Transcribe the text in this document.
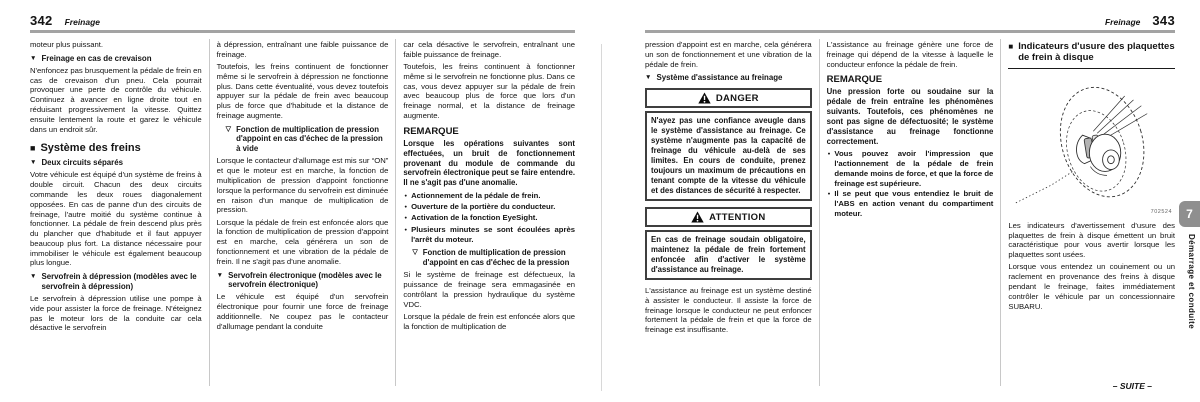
342 Freinage

moteur plus puissant.

▼ Freinage en cas de crevaison

N'enfoncez pas brusquement la pédale de frein en cas de crevaison d'un pneu. Cela pourrait provoquer une perte de contrôle du véhicule. Continuez à avancer en ligne droite tout en réduisant progressivement la vitesse. Quittez ensuite lentement la route et garez le véhicule dans un endroit sûr.

■ Système des freins
▼ Deux circuits séparés

Votre véhicule est équipé d'un système de freins à double circuit. Chacun des deux circuits commande les deux roues diagonalement opposées. En cas de panne d'un des circuits de freinage, l'autre moitié du système continue à fonctionner. La pédale de frein descend plus près du plancher que d'habitude et il faut appuyer beaucoup plus fort. La distance nécessaire pour immobiliser le véhicule est également beaucoup plus longue.

▼ Servofrein à dépression (modèles avec le servofrein à dépression)

Le servofrein à dépression utilise une pompe à vide pour assister la force de freinage. N'éteignez pas le moteur lors de la conduite car cela désactive le servofrein

à dépression, entraînant une faible puissance de freinage.

Toutefois, les freins continuent de fonctionner même si le servofrein à dépression ne fonctionne plus. Dans cette éventualité, vous devez toutefois appuyer sur la pédale de frein avec beaucoup plus de force que d'habitude et la distance de freinage augmente.

▽ Fonction de multiplication de pression d'appoint en cas d'échec de la pression à vide

Lorsque le contacteur d'allumage est mis sur “ON” et que le moteur est en marche, la fonction de multiplication de pression d'appoint fonctionne lorsque la performance du servofrein est diminuée en raison d'un manque de multiplication de pression.

Lorsque la pédale de frein est enfoncée alors que la fonction de multiplication de pression d'appoint est en marche, cela générera un son de fonctionnement et une vibration de la pédale de frein. Il ne s'agit pas d'une anomalie.

▼ Servofrein électronique (modèles avec le servofrein électronique)

Le véhicule est équipé d'un servofrein électronique pour fournir une force de freinage additionnelle. Ne coupez pas le contacteur d'allumage pendant la conduite

car cela désactive le servofrein, entraînant une faible puissance de freinage.

Toutefois, les freins continuent à fonctionner même si le servofrein ne fonctionne plus. Dans ce cas, vous devez appuyer sur la pédale de frein avec beaucoup plus de force que lors d'un freinage normal, et la distance de freinage augmente.

REMARQUE

Lorsque les opérations suivantes sont effectuées, un bruit de fonctionnement provenant du module de commande du servofrein électronique peut se faire entendre. Il ne s'agit pas d'une anomalie.

● Actionnement de la pédale de frein.
● Ouverture de la portière du conducteur.
● Activation de la fonction EyeSight.
● Plusieurs minutes se sont écoulées après l'arrêt du moteur.
▽ Fonction de multiplication de pression d'appoint en cas d'échec de la pression

Si le système de freinage est défectueux, la puissance de freinage sera emmagasinée en contrôlant la pression hydraulique du système VDC.

Lorsque la pédale de frein est enfoncée alors que la fonction de multiplication de

Freinage 343

pression d'appoint est en marche, cela générera un son de fonctionnement et une vibration de la pédale de frein.

▼ Système d'assistance au freinage
DANGER

N'ayez pas une confiance aveugle dans le système d'assistance au freinage. Ce système n'augmente pas la capacité de freinage du véhicule au-delà de ses limites. En cours de conduite, prenez toujours un maximum de précautions en tenant compte de la vitesse du véhicule et des distances de sécurité à respecter.

ATTENTION

En cas de freinage soudain obligatoire, maintenez la pédale de frein fortement enfoncée afin d'activer le système d'assistance au freinage.

L'assistance au freinage est un système destiné à assister le conducteur. Il assiste la force de freinage lorsque le conducteur ne peut enfoncer fortement la pédale de frein et que la force de freinage est insuffisante.

L'assistance au freinage génère une force de freinage qui dépend de la vitesse à laquelle le conducteur enfonce la pédale de frein.

REMARQUE

Une pression forte ou soudaine sur la pédale de frein entraîne les phénomènes suivants. Toutefois, ces phénomènes ne sont pas signe de défectuosité; le système d'assistance au freinage fonctionne correctement.

● Vous pouvez avoir l'impression que l'actionnement de la pédale de frein demande moins de force, et que la force de freinage est supérieure.
● Il se peut que vous entendiez le bruit de l'ABS en action venant du compartiment moteur.
■ Indicateurs d'usure des plaquettes de frein à disque
702524

Les indicateurs d'avertissement d'usure des plaquettes de frein à disque émettent un bruit caractéristique pour vous avertir lorsque les plaquettes sont usées.

Lorsque vous entendez un couinement ou un raclement en provenance des freins à disque pendant le freinage, faites immédiatement contrôler le véhicule par un concessionnaire SUBARU.

7
Démarrage et conduite
– SUITE –
